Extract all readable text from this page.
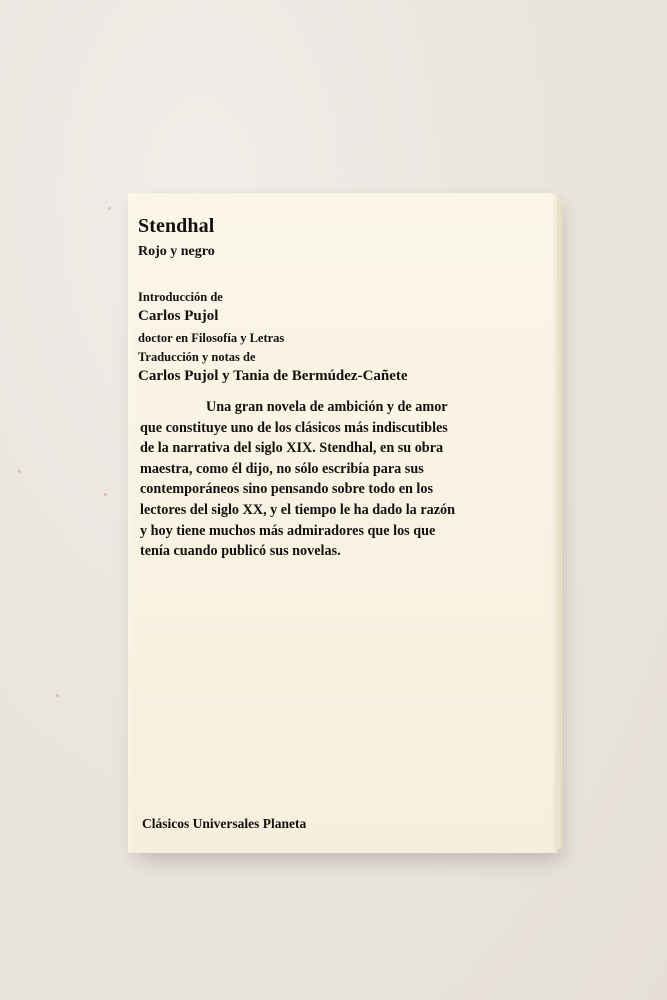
Stendhal
Rojo y negro
Introducción de
Carlos Pujol
doctor en Filosofía y Letras
Traducción y notas de
Carlos Pujol y Tania de Bermúdez-Cañete
Una gran novela de ambición y de amor
que constituye uno de los clásicos más indiscutibles
de la narrativa del siglo XIX. Stendhal, en su obra
maestra, como él dijo, no sólo escribía para sus
contemporáneos sino pensando sobre todo en los
lectores del siglo XX, y el tiempo le ha dado la razón
y hoy tiene muchos más admiradores que los que
tenía cuando publicó sus novelas.
Clásicos Universales Planeta
